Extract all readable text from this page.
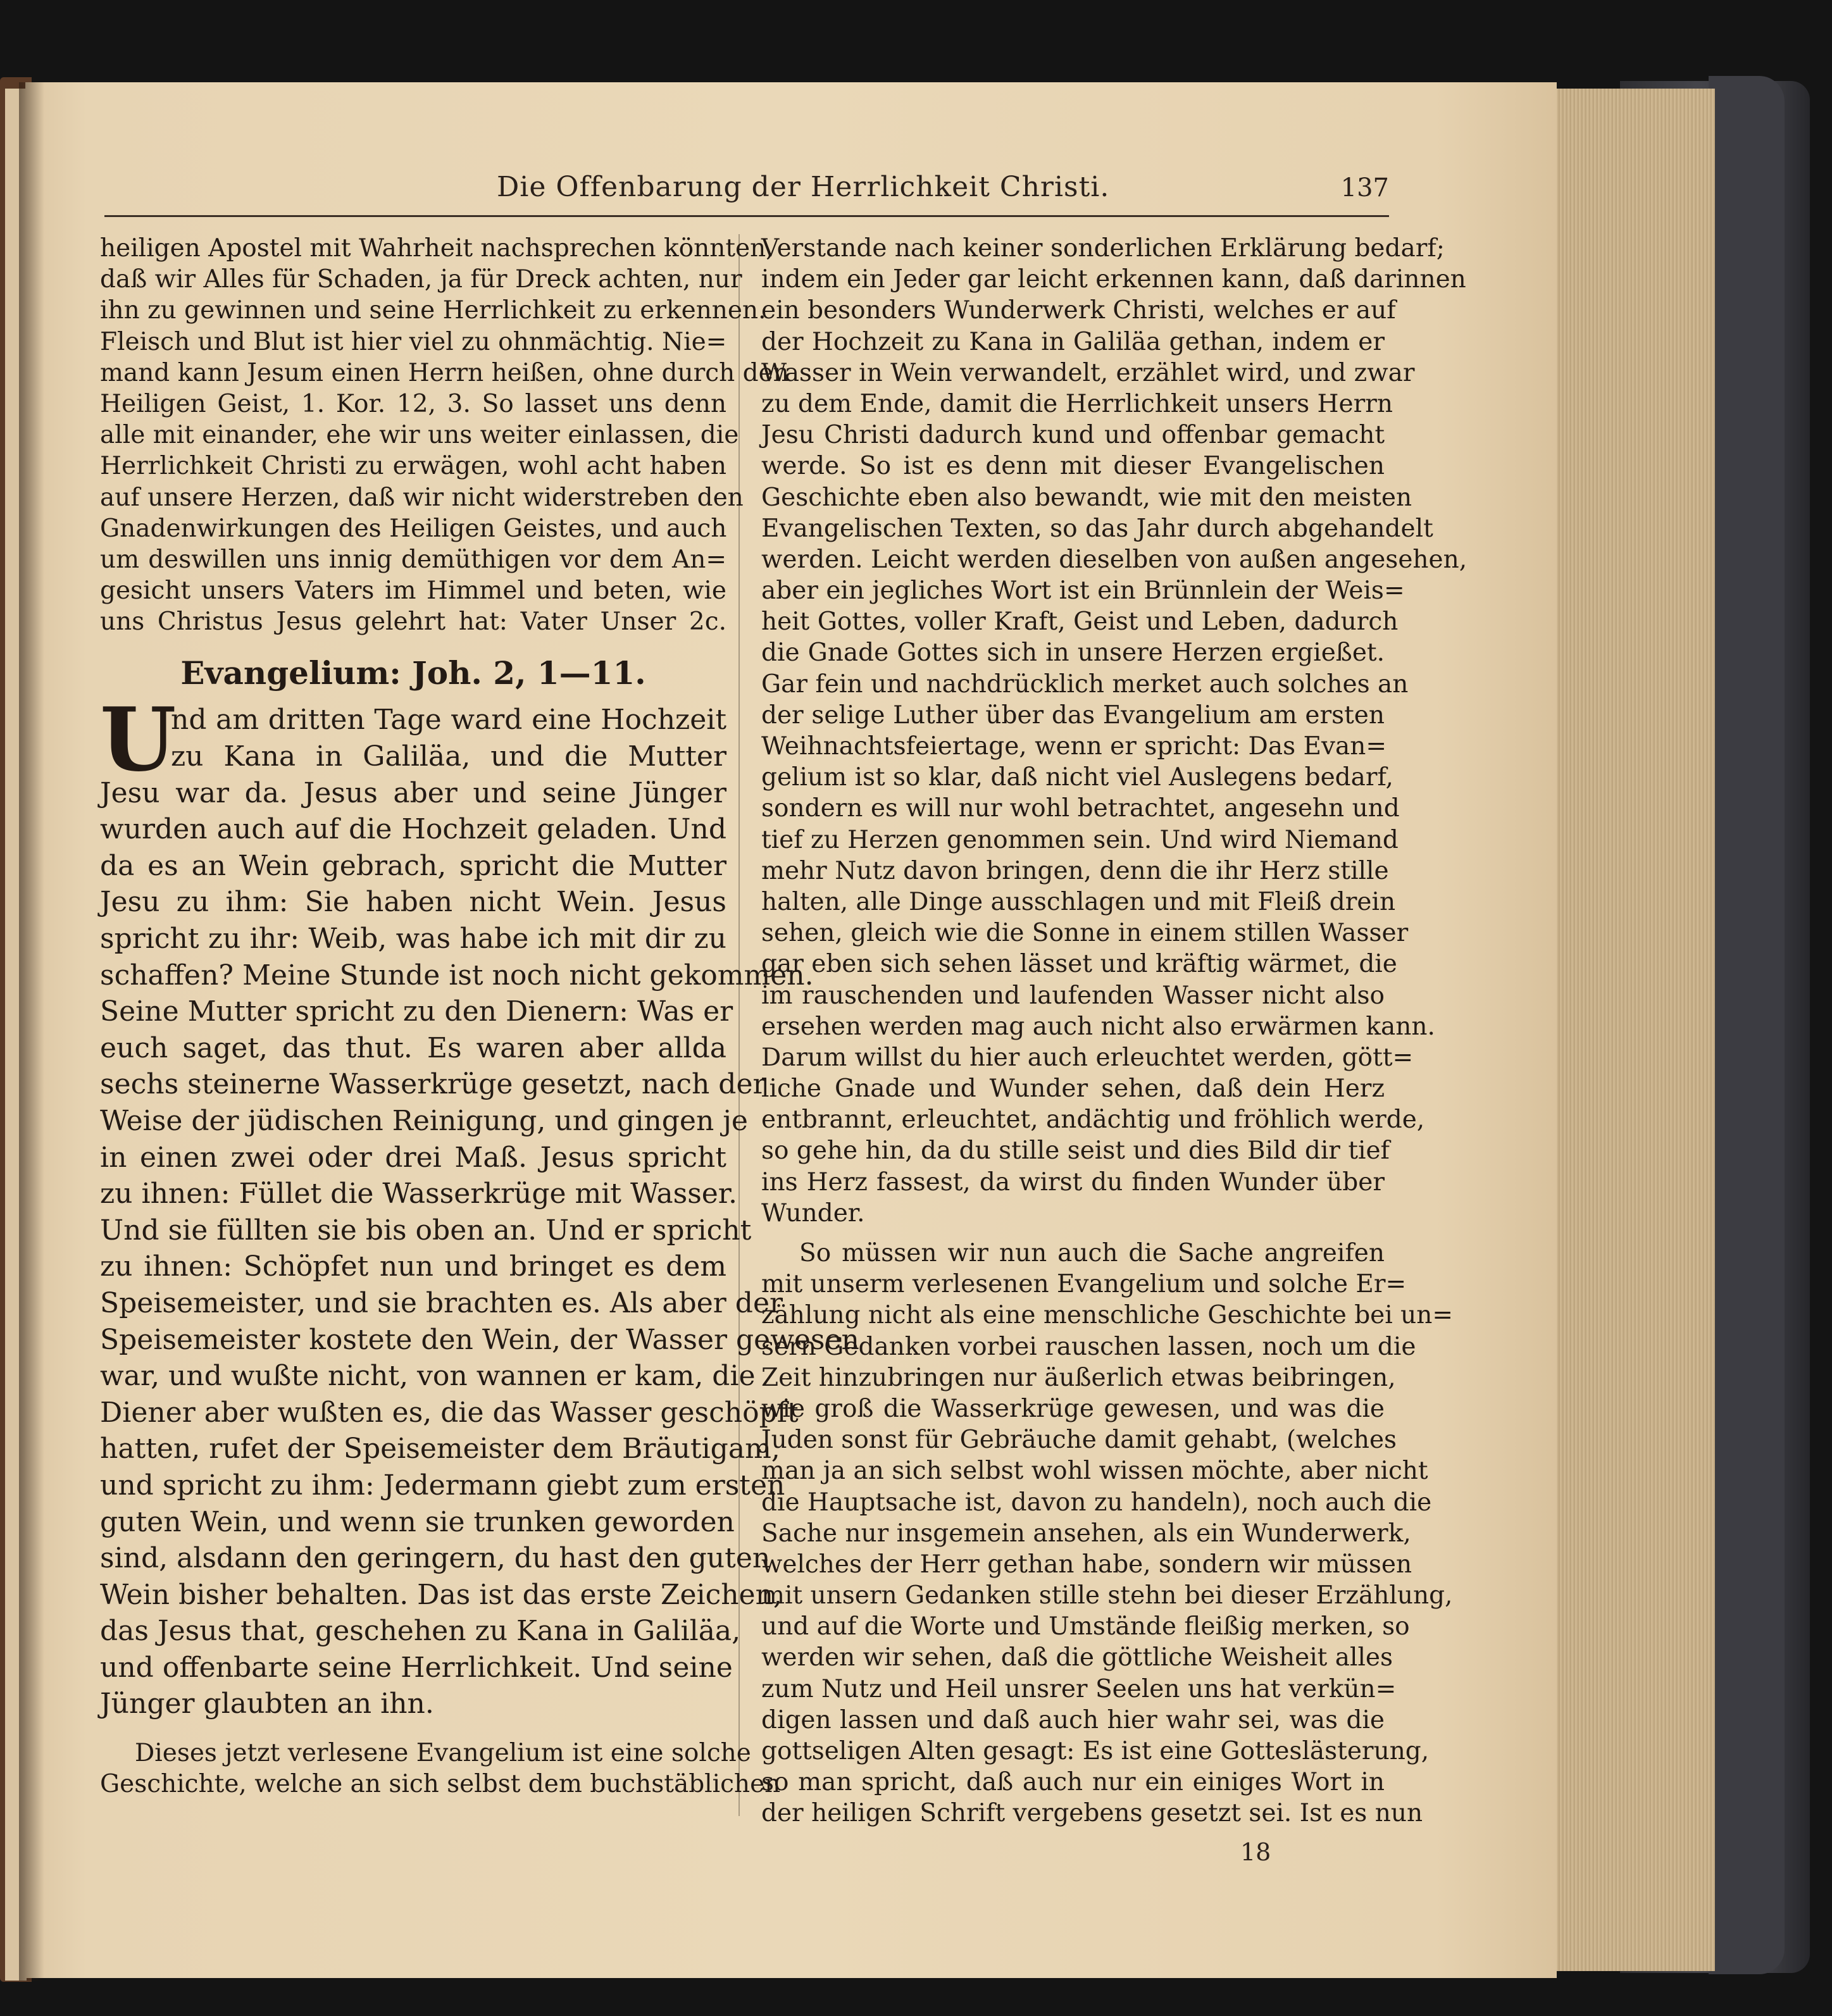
Die Offenbarung der Herrlichkeit Christi.	137
heiligen Apostel mit Wahrheit nachsprechen könnten,
daß wir Alles für Schaden, ja für Dreck achten, nur
ihn zu gewinnen und seine Herrlichkeit zu erkennen.
Fleisch und Blut ist hier viel zu ohnmächtig. Nie=
mand kann Jesum einen Herrn heißen, ohne durch den
Heiligen Geist, 1. Kor. 12, 3. So lasset uns denn
alle mit einander, ehe wir uns weiter einlassen, die
Herrlichkeit Christi zu erwägen, wohl acht haben
auf unsere Herzen, daß wir nicht widerstreben den
Gnadenwirkungen des Heiligen Geistes, und auch
um deswillen uns innig demüthigen vor dem An=
gesicht unsers Vaters im Himmel und beten, wie
uns Christus Jesus gelehrt hat: Vater Unser 2c.
Evangelium: Joh. 2, 1—11.
U
nd am dritten Tage ward eine Hochzeit
zu Kana in Galiläa, und die Mutter
Jesu war da. Jesus aber und seine Jünger
wurden auch auf die Hochzeit geladen. Und
da es an Wein gebrach, spricht die Mutter
Jesu zu ihm: Sie haben nicht Wein. Jesus
spricht zu ihr: Weib, was habe ich mit dir zu
schaffen? Meine Stunde ist noch nicht gekommen.
Seine Mutter spricht zu den Dienern: Was er
euch saget, das thut. Es waren aber allda
sechs steinerne Wasserkrüge gesetzt, nach der
Weise der jüdischen Reinigung, und gingen je
in einen zwei oder drei Maß. Jesus spricht
zu ihnen: Füllet die Wasserkrüge mit Wasser.
Und sie füllten sie bis oben an. Und er spricht
zu ihnen: Schöpfet nun und bringet es dem
Speisemeister, und sie brachten es. Als aber der
Speisemeister kostete den Wein, der Wasser gewesen
war, und wußte nicht, von wannen er kam, die
Diener aber wußten es, die das Wasser geschöpft
hatten, rufet der Speisemeister dem Bräutigam,
und spricht zu ihm: Jedermann giebt zum ersten
guten Wein, und wenn sie trunken geworden
sind, alsdann den geringern, du hast den guten
Wein bisher behalten. Das ist das erste Zeichen,
das Jesus that, geschehen zu Kana in Galiläa,
und offenbarte seine Herrlichkeit. Und seine
Jünger glaubten an ihn.
Dieses jetzt verlesene Evangelium ist eine solche
Geschichte, welche an sich selbst dem buchstäblichen
Verstande nach keiner sonderlichen Erklärung bedarf;
indem ein Jeder gar leicht erkennen kann, daß darinnen
ein besonders Wunderwerk Christi, welches er auf
der Hochzeit zu Kana in Galiläa gethan, indem er
Wasser in Wein verwandelt, erzählet wird, und zwar
zu dem Ende, damit die Herrlichkeit unsers Herrn
Jesu Christi dadurch kund und offenbar gemacht
werde. So ist es denn mit dieser Evangelischen
Geschichte eben also bewandt, wie mit den meisten
Evangelischen Texten, so das Jahr durch abgehandelt
werden. Leicht werden dieselben von außen angesehen,
aber ein jegliches Wort ist ein Brünnlein der Weis=
heit Gottes, voller Kraft, Geist und Leben, dadurch
die Gnade Gottes sich in unsere Herzen ergießet.
Gar fein und nachdrücklich merket auch solches an
der selige Luther über das Evangelium am ersten
Weihnachtsfeiertage, wenn er spricht: Das Evan=
gelium ist so klar, daß nicht viel Auslegens bedarf,
sondern es will nur wohl betrachtet, angesehn und
tief zu Herzen genommen sein. Und wird Niemand
mehr Nutz davon bringen, denn die ihr Herz stille
halten, alle Dinge ausschlagen und mit Fleiß drein
sehen, gleich wie die Sonne in einem stillen Wasser
gar eben sich sehen lässet und kräftig wärmet, die
im rauschenden und laufenden Wasser nicht also
ersehen werden mag auch nicht also erwärmen kann.
Darum willst du hier auch erleuchtet werden, gött=
liche Gnade und Wunder sehen, daß dein Herz
entbrannt, erleuchtet, andächtig und fröhlich werde,
so gehe hin, da du stille seist und dies Bild dir tief
ins Herz fassest, da wirst du finden Wunder über
Wunder.
So müssen wir nun auch die Sache angreifen
mit unserm verlesenen Evangelium und solche Er=
zählung nicht als eine menschliche Geschichte bei un=
sern Gedanken vorbei rauschen lassen, noch um die
Zeit hinzubringen nur äußerlich etwas beibringen,
wie groß die Wasserkrüge gewesen, und was die
Juden sonst für Gebräuche damit gehabt, (welches
man ja an sich selbst wohl wissen möchte, aber nicht
die Hauptsache ist, davon zu handeln), noch auch die
Sache nur insgemein ansehen, als ein Wunderwerk,
welches der Herr gethan habe, sondern wir müssen
mit unsern Gedanken stille stehn bei dieser Erzählung,
und auf die Worte und Umstände fleißig merken, so
werden wir sehen, daß die göttliche Weisheit alles
zum Nutz und Heil unsrer Seelen uns hat verkün=
digen lassen und daß auch hier wahr sei, was die
gottseligen Alten gesagt: Es ist eine Gotteslästerung,
so man spricht, daß auch nur ein einiges Wort in
der heiligen Schrift vergebens gesetzt sei. Ist es nun
18
